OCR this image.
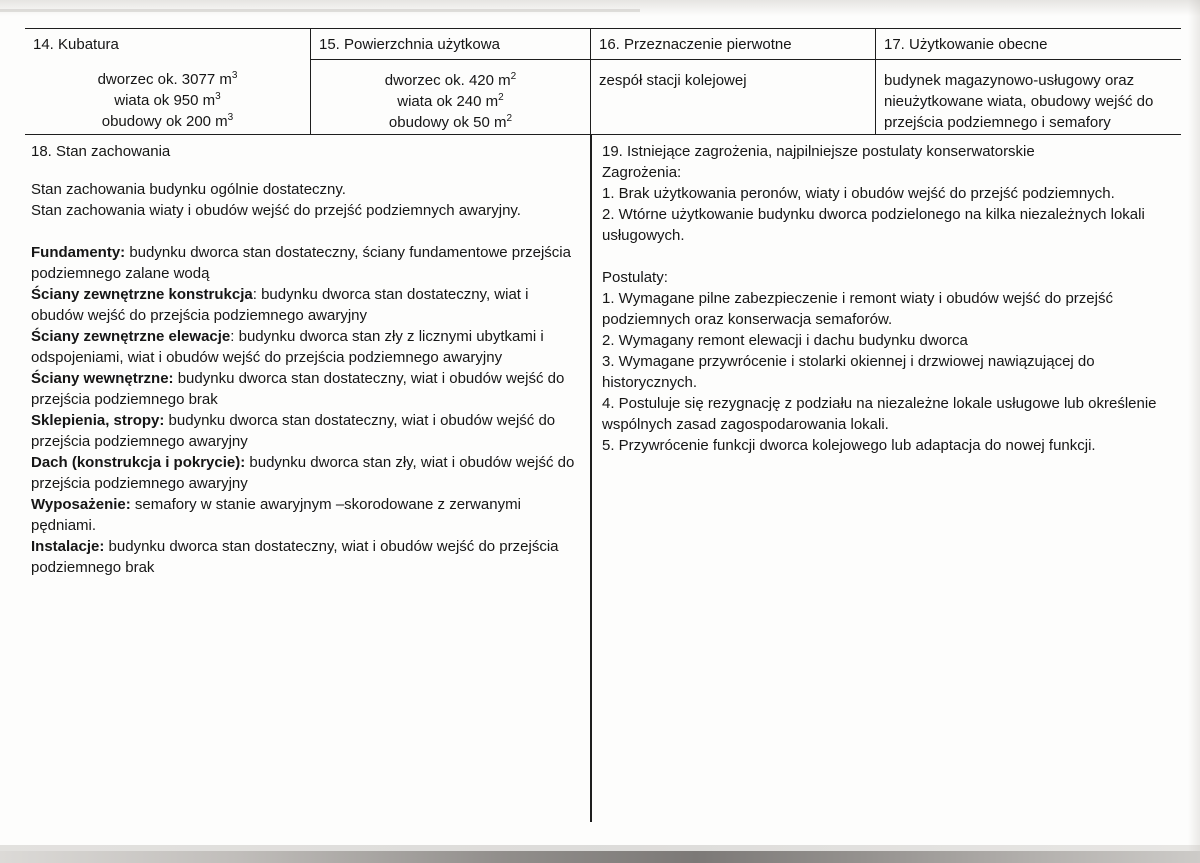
14. Kubatura
dworzec ok. 3077 $m^3$
wiata ok 950 $m^3$
obudowy ok 200 $m^3$
15. Powierzchnia użytkowa
dworzec ok. 420 $m^2$
wiata ok 240 $m^2$
obudowy ok 50 $m^2$
16. Przeznaczenie pierwotne
zespół stacji kolejowej
17. Użytkowanie obecne
budynek magazynowo-usługowy oraz nieużytkowane wiata, obudowy wejść do przejścia podziemnego i semafory
18. Stan zachowania
Stan zachowania budynku ogólnie dostateczny.
Stan zachowania wiaty i obudów wejść do przejść podziemnych awaryjny.
Fundamenty: budynku dworca stan dostateczny, ściany fundamentowe przejścia podziemnego zalane wodą
Ściany zewnętrzne konstrukcja: budynku dworca stan dostateczny, wiat i obudów wejść do przejścia podziemnego awaryjny
Ściany zewnętrzne elewacje: budynku dworca stan zły z licznymi ubytkami i odspojeniami, wiat i obudów wejść do przejścia podziemnego awaryjny
Ściany wewnętrzne: budynku dworca stan dostateczny, wiat i obudów wejść do przejścia podziemnego brak
Sklepienia, stropy: budynku dworca stan dostateczny, wiat i obudów wejść do przejścia podziemnego awaryjny
Dach (konstrukcja i pokrycie): budynku dworca stan zły, wiat i obudów wejść do przejścia podziemnego awaryjny
Wyposażenie: semafory w stanie awaryjnym –skorodowane z zerwanymi pędniami.
Instalacje: budynku dworca stan dostateczny, wiat i obudów wejść do przejścia podziemnego brak
19. Istniejące zagrożenia, najpilniejsze postulaty konserwatorskie
Zagrożenia:
1. Brak użytkowania peronów, wiaty i obudów wejść do przejść podziemnych.
2. Wtórne użytkowanie budynku dworca podzielonego na kilka niezależnych lokali usługowych.
Postulaty:
1. Wymagane pilne zabezpieczenie i remont wiaty i obudów wejść do przejść podziemnych oraz konserwacja semaforów.
2. Wymagany remont elewacji i dachu budynku dworca
3. Wymagane przywrócenie i stolarki okiennej i drzwiowej nawiązującej do historycznych.
4. Postuluje się rezygnację z podziału na niezależne lokale usługowe lub określenie wspólnych zasad zagospodarowania lokali.
5. Przywrócenie funkcji dworca kolejowego lub adaptacja do nowej funkcji.
